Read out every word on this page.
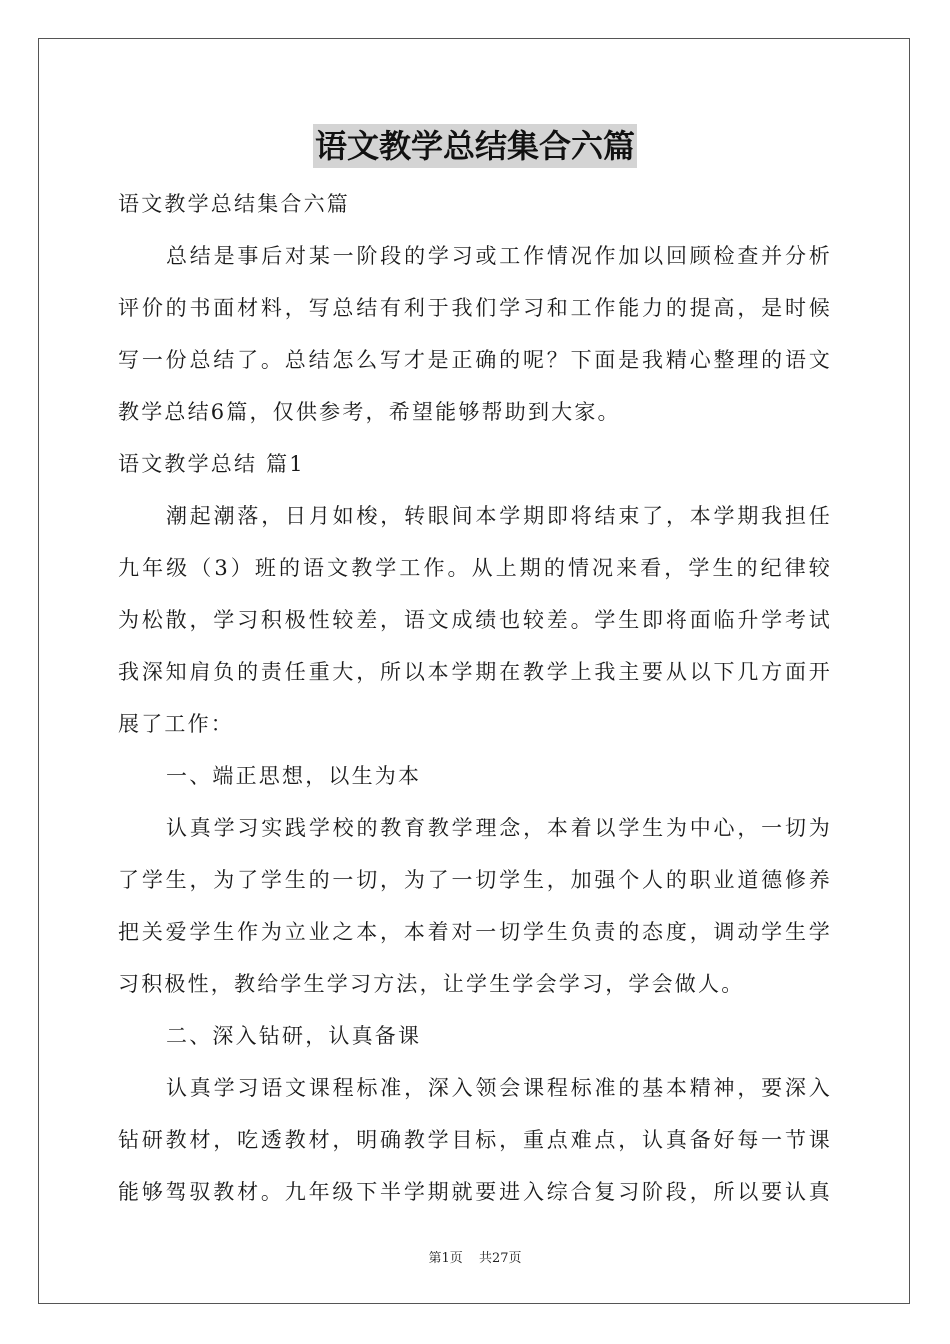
语文教学总结集合六篇
语文教学总结集合六篇
总结是事后对某一阶段的学习或工作情况作加以回顾检查并分析
评价的书面材料，写总结有利于我们学习和工作能力的提高，是时候
写一份总结了。总结怎么写才是正确的呢？下面是我精心整理的语文
教学总结6篇，仅供参考，希望能够帮助到大家。
语文教学总结 篇1
潮起潮落，日月如梭，转眼间本学期即将结束了，本学期我担任
九年级（3）班的语文教学工作。从上期的情况来看，学生的纪律较
为松散，学习积极性较差，语文成绩也较差。学生即将面临升学考试
我深知肩负的责任重大，所以本学期在教学上我主要从以下几方面开
展了工作：
一、端正思想，以生为本
认真学习实践学校的教育教学理念，本着以学生为中心，一切为
了学生，为了学生的一切，为了一切学生，加强个人的职业道德修养
把关爱学生作为立业之本，本着对一切学生负责的态度，调动学生学
习积极性，教给学生学习方法，让学生学会学习，学会做人。
二、深入钻研，认真备课
认真学习语文课程标准，深入领会课程标准的基本精神，要深入
钻研教材，吃透教材，明确教学目标，重点难点，认真备好每一节课
能够驾驭教材。九年级下半学期就要进入综合复习阶段，所以要认真
第1页 共27页
